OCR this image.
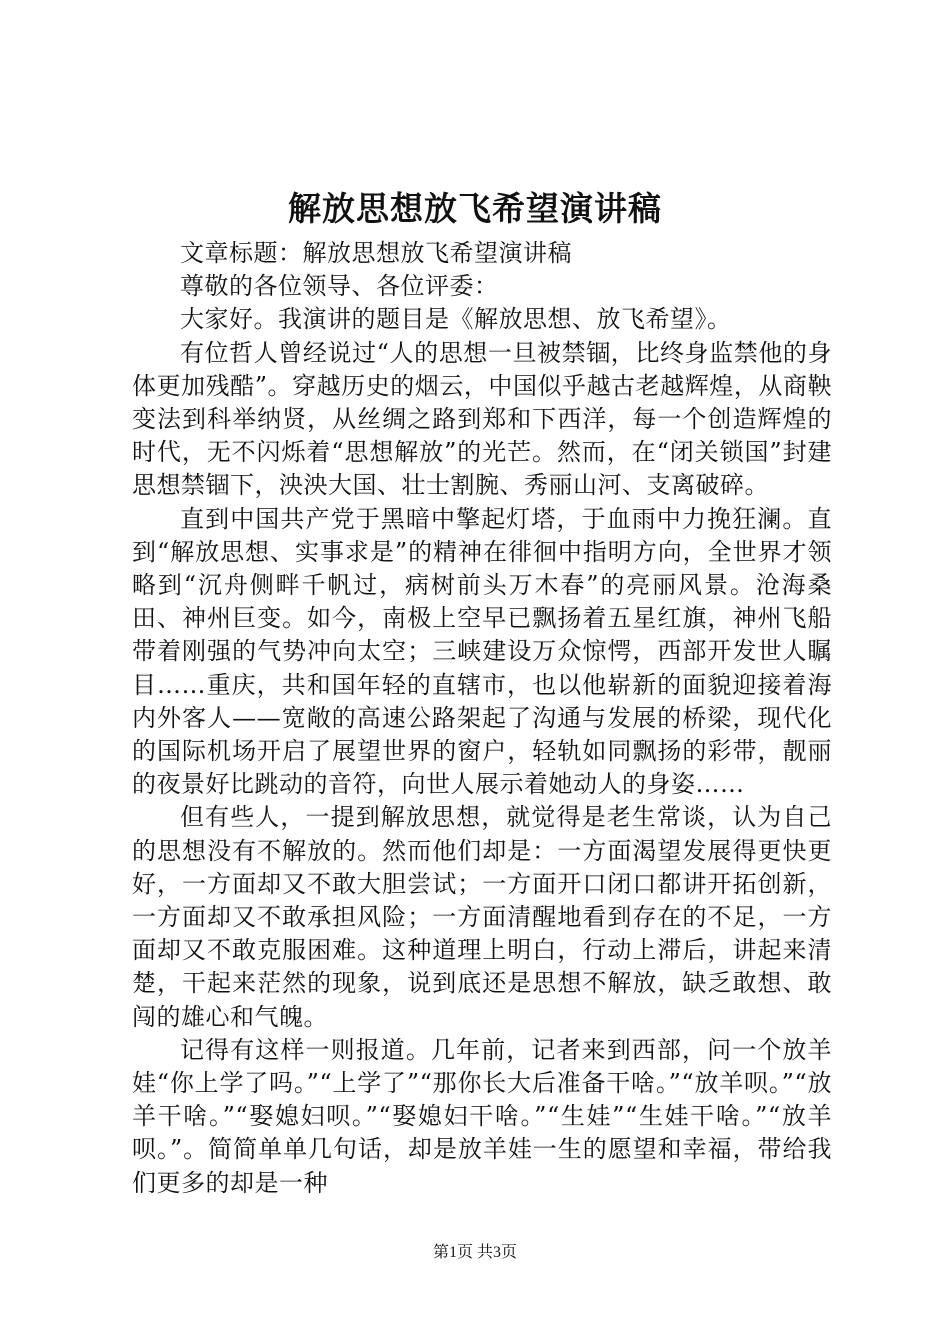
解放思想放飞希望演讲稿

文章标题：解放思想放飞希望演讲稿

尊敬的各位领导、各位评委：

大家好。我演讲的题目是《解放思想、放飞希望》。

有位哲人曾经说过“人的思想一旦被禁锢，比终身监禁他的身体更加残酷”。穿越历史的烟云，中国似乎越古老越辉煌，从商鞅变法到科举纳贤，从丝绸之路到郑和下西洋，每一个创造辉煌的时代，无不闪烁着“思想解放”的光芒。然而，在“闭关锁国”封建思想禁锢下，泱泱大国、壮士割腕、秀丽山河、支离破碎。

直到中国共产党于黑暗中擎起灯塔，于血雨中力挽狂澜。直到“解放思想、实事求是”的精神在徘徊中指明方向，全世界才领略到“沉舟侧畔千帆过，病树前头万木春”的亮丽风景。沧海桑田、神州巨变。如今，南极上空早已飘扬着五星红旗，神州飞船带着刚强的气势冲向太空；三峡建设万众惊愕，西部开发世人瞩目……重庆，共和国年轻的直辖市，也以他崭新的面貌迎接着海内外客人——宽敞的高速公路架起了沟通与发展的桥梁，现代化的国际机场开启了展望世界的窗户，轻轨如同飘扬的彩带，靓丽的夜景好比跳动的音符，向世人展示着她动人的身姿……

但有些人，一提到解放思想，就觉得是老生常谈，认为自己的思想没有不解放的。然而他们却是：一方面渴望发展得更快更好，一方面却又不敢大胆尝试；一方面开口闭口都讲开拓创新，一方面却又不敢承担风险；一方面清醒地看到存在的不足，一方面却又不敢克服困难。这种道理上明白，行动上滞后，讲起来清楚，干起来茫然的现象，说到底还是思想不解放，缺乏敢想、敢闯的雄心和气魄。

记得有这样一则报道。几年前，记者来到西部，问一个放羊娃“你上学了吗。”“上学了”“那你长大后准备干啥。”“放羊呗。”“放羊干啥。”“娶媳妇呗。”“娶媳妇干啥。”“生娃”“生娃干啥。”“放羊呗。”。简简单单几句话，却是放羊娃一生的愿望和幸福，带给我们更多的却是一种

第1页 共3页
